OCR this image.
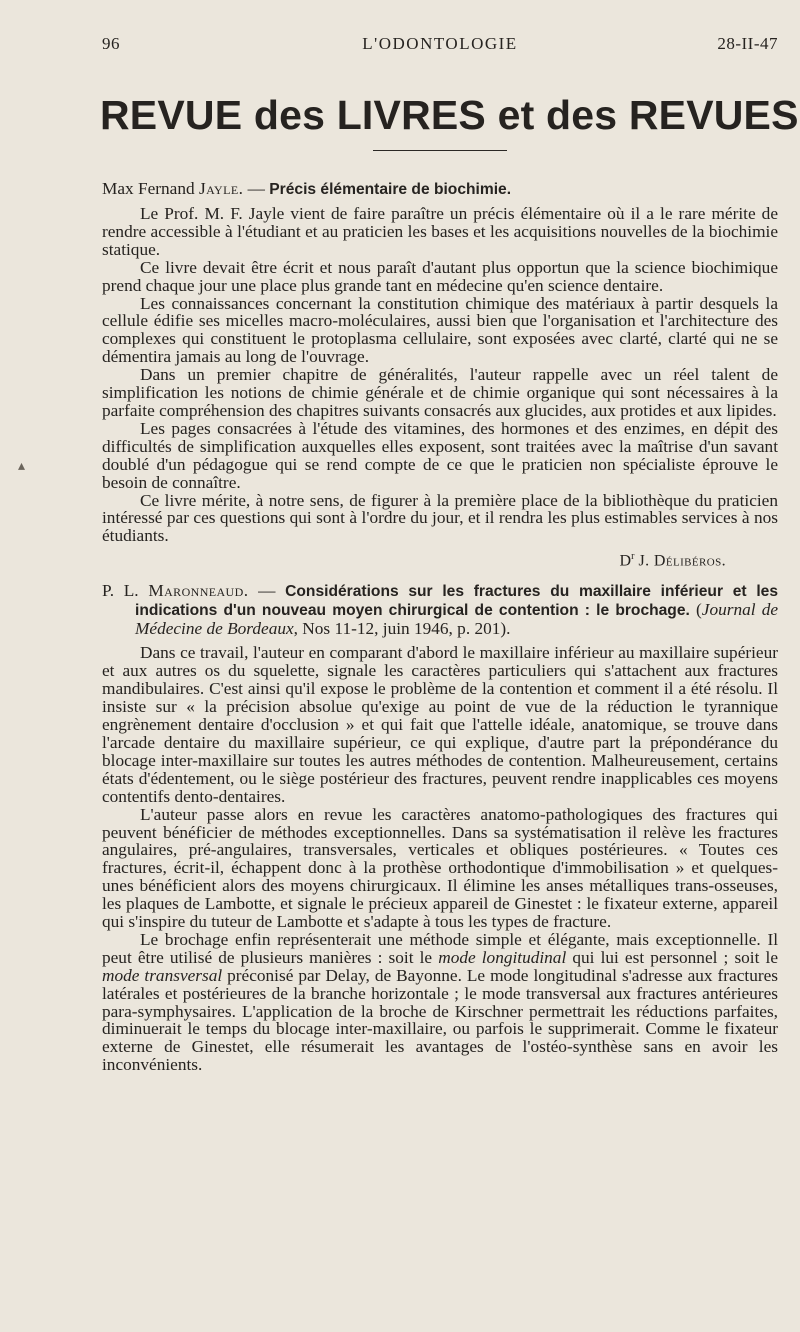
96	L'ODONTOLOGIE	28-II-47
REVUE des LIVRES et des REVUES
▴

Max Fernand Jayle. — Précis élémentaire de biochimie.

Le Prof. M. F. Jayle vient de faire paraître un précis élémentaire où il a le rare mérite de rendre accessible à l'étudiant et au praticien les bases et les acquisitions nouvelles de la biochimie statique.

Ce livre devait être écrit et nous paraît d'autant plus opportun que la science biochimique prend chaque jour une place plus grande tant en médecine qu'en science dentaire.

Les connaissances concernant la constitution chimique des matériaux à partir desquels la cellule édifie ses micelles macro-moléculaires, aussi bien que l'organisation et l'architecture des complexes qui constituent le protoplasma cellulaire, sont exposées avec clarté, clarté qui ne se démentira jamais au long de l'ouvrage.

Dans un premier chapitre de généralités, l'auteur rappelle avec un réel talent de simplification les notions de chimie générale et de chimie organique qui sont nécessaires à la parfaite compréhension des chapitres suivants consacrés aux glucides, aux protides et aux lipides.

Les pages consacrées à l'étude des vitamines, des hormones et des enzimes, en dépit des difficultés de simplification auxquelles elles exposent, sont traitées avec la maîtrise d'un savant doublé d'un pédagogue qui se rend compte de ce que le praticien non spécialiste éprouve le besoin de connaître.

Ce livre mérite, à notre sens, de figurer à la première place de la bibliothèque du praticien intéressé par ces questions qui sont à l'ordre du jour, et il rendra les plus estimables services à nos étudiants.

$D^r$ J. Délibéros.

P. L. Maronneaud. — Considérations sur les fractures du maxillaire inférieur et les indications d'un nouveau moyen chirurgical de contention : le brochage. (Journal de Médecine de Bordeaux, Nos 11-12, juin 1946, p. 201).

Dans ce travail, l'auteur en comparant d'abord le maxillaire inférieur au maxillaire supérieur et aux autres os du squelette, signale les caractères particuliers qui s'attachent aux fractures mandibulaires. C'est ainsi qu'il expose le problème de la contention et comment il a été résolu. Il insiste sur « la précision absolue qu'exige au point de vue de la réduction le tyrannique engrènement dentaire d'occlusion » et qui fait que l'attelle idéale, anatomique, se trouve dans l'arcade dentaire du maxillaire supérieur, ce qui explique, d'autre part la prépondérance du blocage inter-maxillaire sur toutes les autres méthodes de contention. Malheureusement, certains états d'édentement, ou le siège postérieur des fractures, peuvent rendre inapplicables ces moyens contentifs dento-dentaires.

L'auteur passe alors en revue les caractères anatomo-pathologiques des fractures qui peuvent bénéficier de méthodes exceptionnelles. Dans sa systématisation il relève les fractures angulaires, pré-angulaires, transversales, verticales et obliques postérieures. « Toutes ces fractures, écrit-il, échappent donc à la prothèse orthodontique d'immobilisation » et quelques-unes bénéficient alors des moyens chirurgicaux. Il élimine les anses métalliques trans-osseuses, les plaques de Lambotte, et signale le précieux appareil de Ginestet : le fixateur externe, appareil qui s'inspire du tuteur de Lambotte et s'adapte à tous les types de fracture.

Le brochage enfin représenterait une méthode simple et élégante, mais exceptionnelle. Il peut être utilisé de plusieurs manières : soit le mode longitudinal qui lui est personnel ; soit le mode transversal préconisé par Delay, de Bayonne. Le mode longitudinal s'adresse aux fractures latérales et postérieures de la branche horizontale ; le mode transversal aux fractures antérieures para-symphysaires. L'application de la broche de Kirschner permettrait les réductions parfaites, diminuerait le temps du blocage inter-maxillaire, ou parfois le supprimerait. Comme le fixateur externe de Ginestet, elle résumerait les avantages de l'ostéo-synthèse sans en avoir les inconvénients.
